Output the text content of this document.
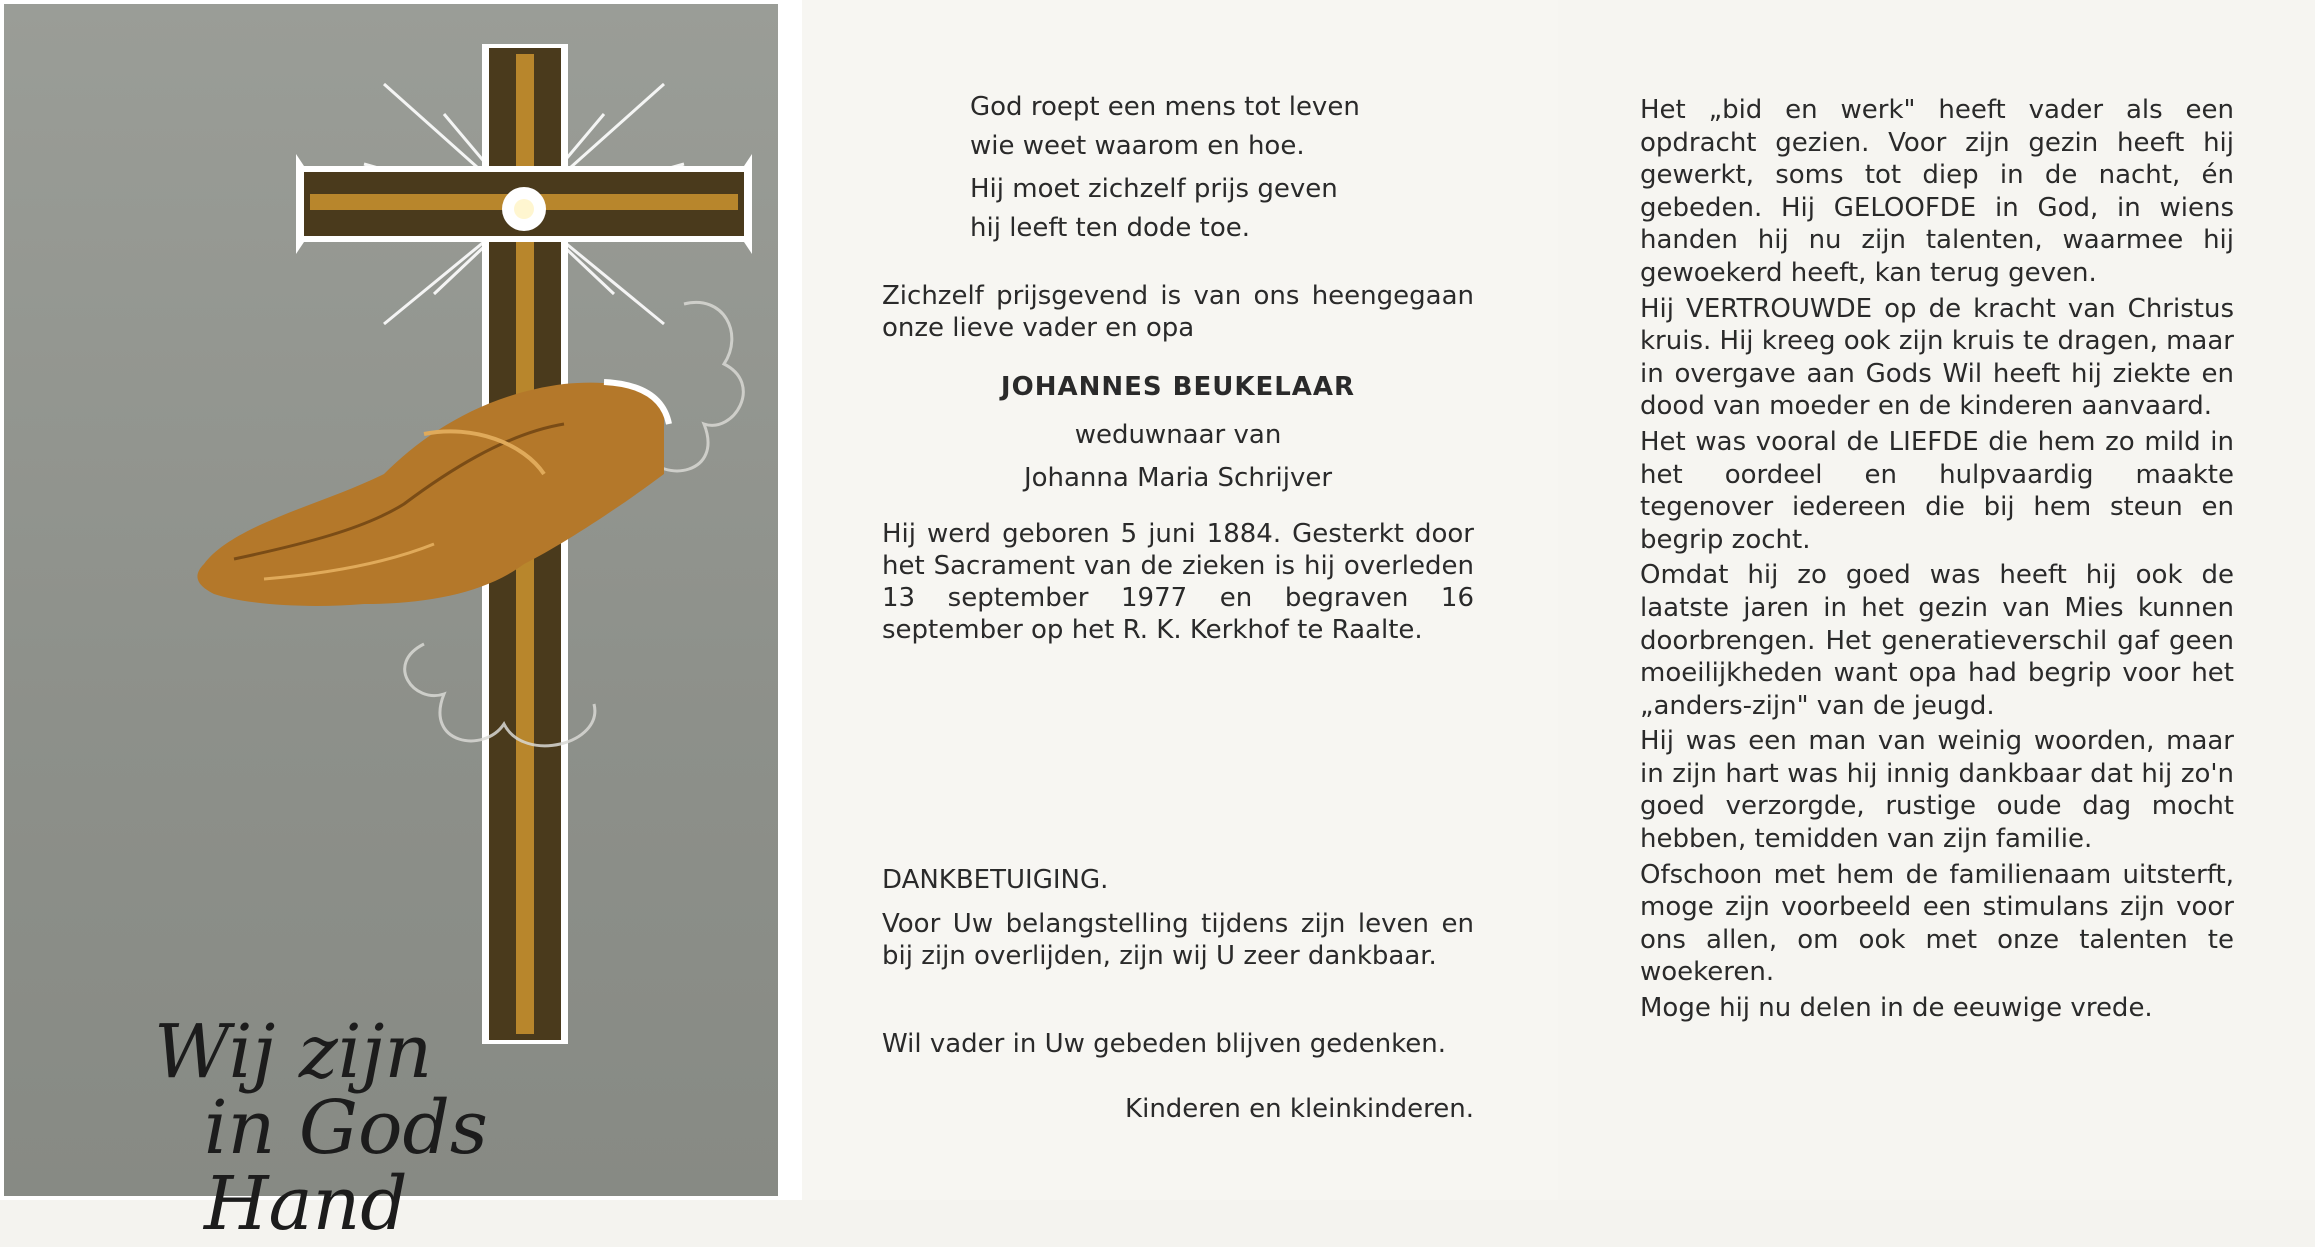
Wij zijn
in Gods Hand

God roept een mens tot leven

wie weet waarom en hoe.

Hij moet zichzelf prijs geven

hij leeft ten dode toe.

Zichzelf prijsgevend is van ons heengegaan onze lieve vader en opa
JOHANNES BEUKELAAR
weduwnaar van
Johanna Maria Schrijver
Hij werd geboren 5 juni 1884. Gesterkt door het Sacrament van de zieken is hij overleden 13 september 1977 en begraven 16 september op het R. K. Kerkhof te Raalte.
DANKBETUIGING.
Voor Uw belangstelling tijdens zijn leven en bij zijn overlijden, zijn wij U zeer dankbaar.
Wil vader in Uw gebeden blijven gedenken.
Kinderen en kleinkinderen.

Het „bid en werk" heeft vader als een opdracht gezien. Voor zijn gezin heeft hij gewerkt, soms tot diep in de nacht, én gebeden. Hij GELOOFDE in God, in wiens handen hij nu zijn talenten, waarmee hij gewoekerd heeft, kan terug geven.

Hij VERTROUWDE op de kracht van Christus kruis. Hij kreeg ook zijn kruis te dragen, maar in overgave aan Gods Wil heeft hij ziekte en dood van moeder en de kinderen aanvaard.

Het was vooral de LIEFDE die hem zo mild in het oordeel en hulpvaardig maakte tegenover iedereen die bij hem steun en begrip zocht.

Omdat hij zo goed was heeft hij ook de laatste jaren in het gezin van Mies kunnen doorbrengen. Het generatieverschil gaf geen moeilijkheden want opa had begrip voor het „anders-zijn" van de jeugd.

Hij was een man van weinig woorden, maar in zijn hart was hij innig dankbaar dat hij zo'n goed verzorgde, rustige oude dag mocht hebben, temidden van zijn familie.

Ofschoon met hem de familienaam uitsterft, moge zijn voorbeeld een stimulans zijn voor ons allen, om ook met onze talenten te woekeren.

Moge hij nu delen in de eeuwige vrede.
